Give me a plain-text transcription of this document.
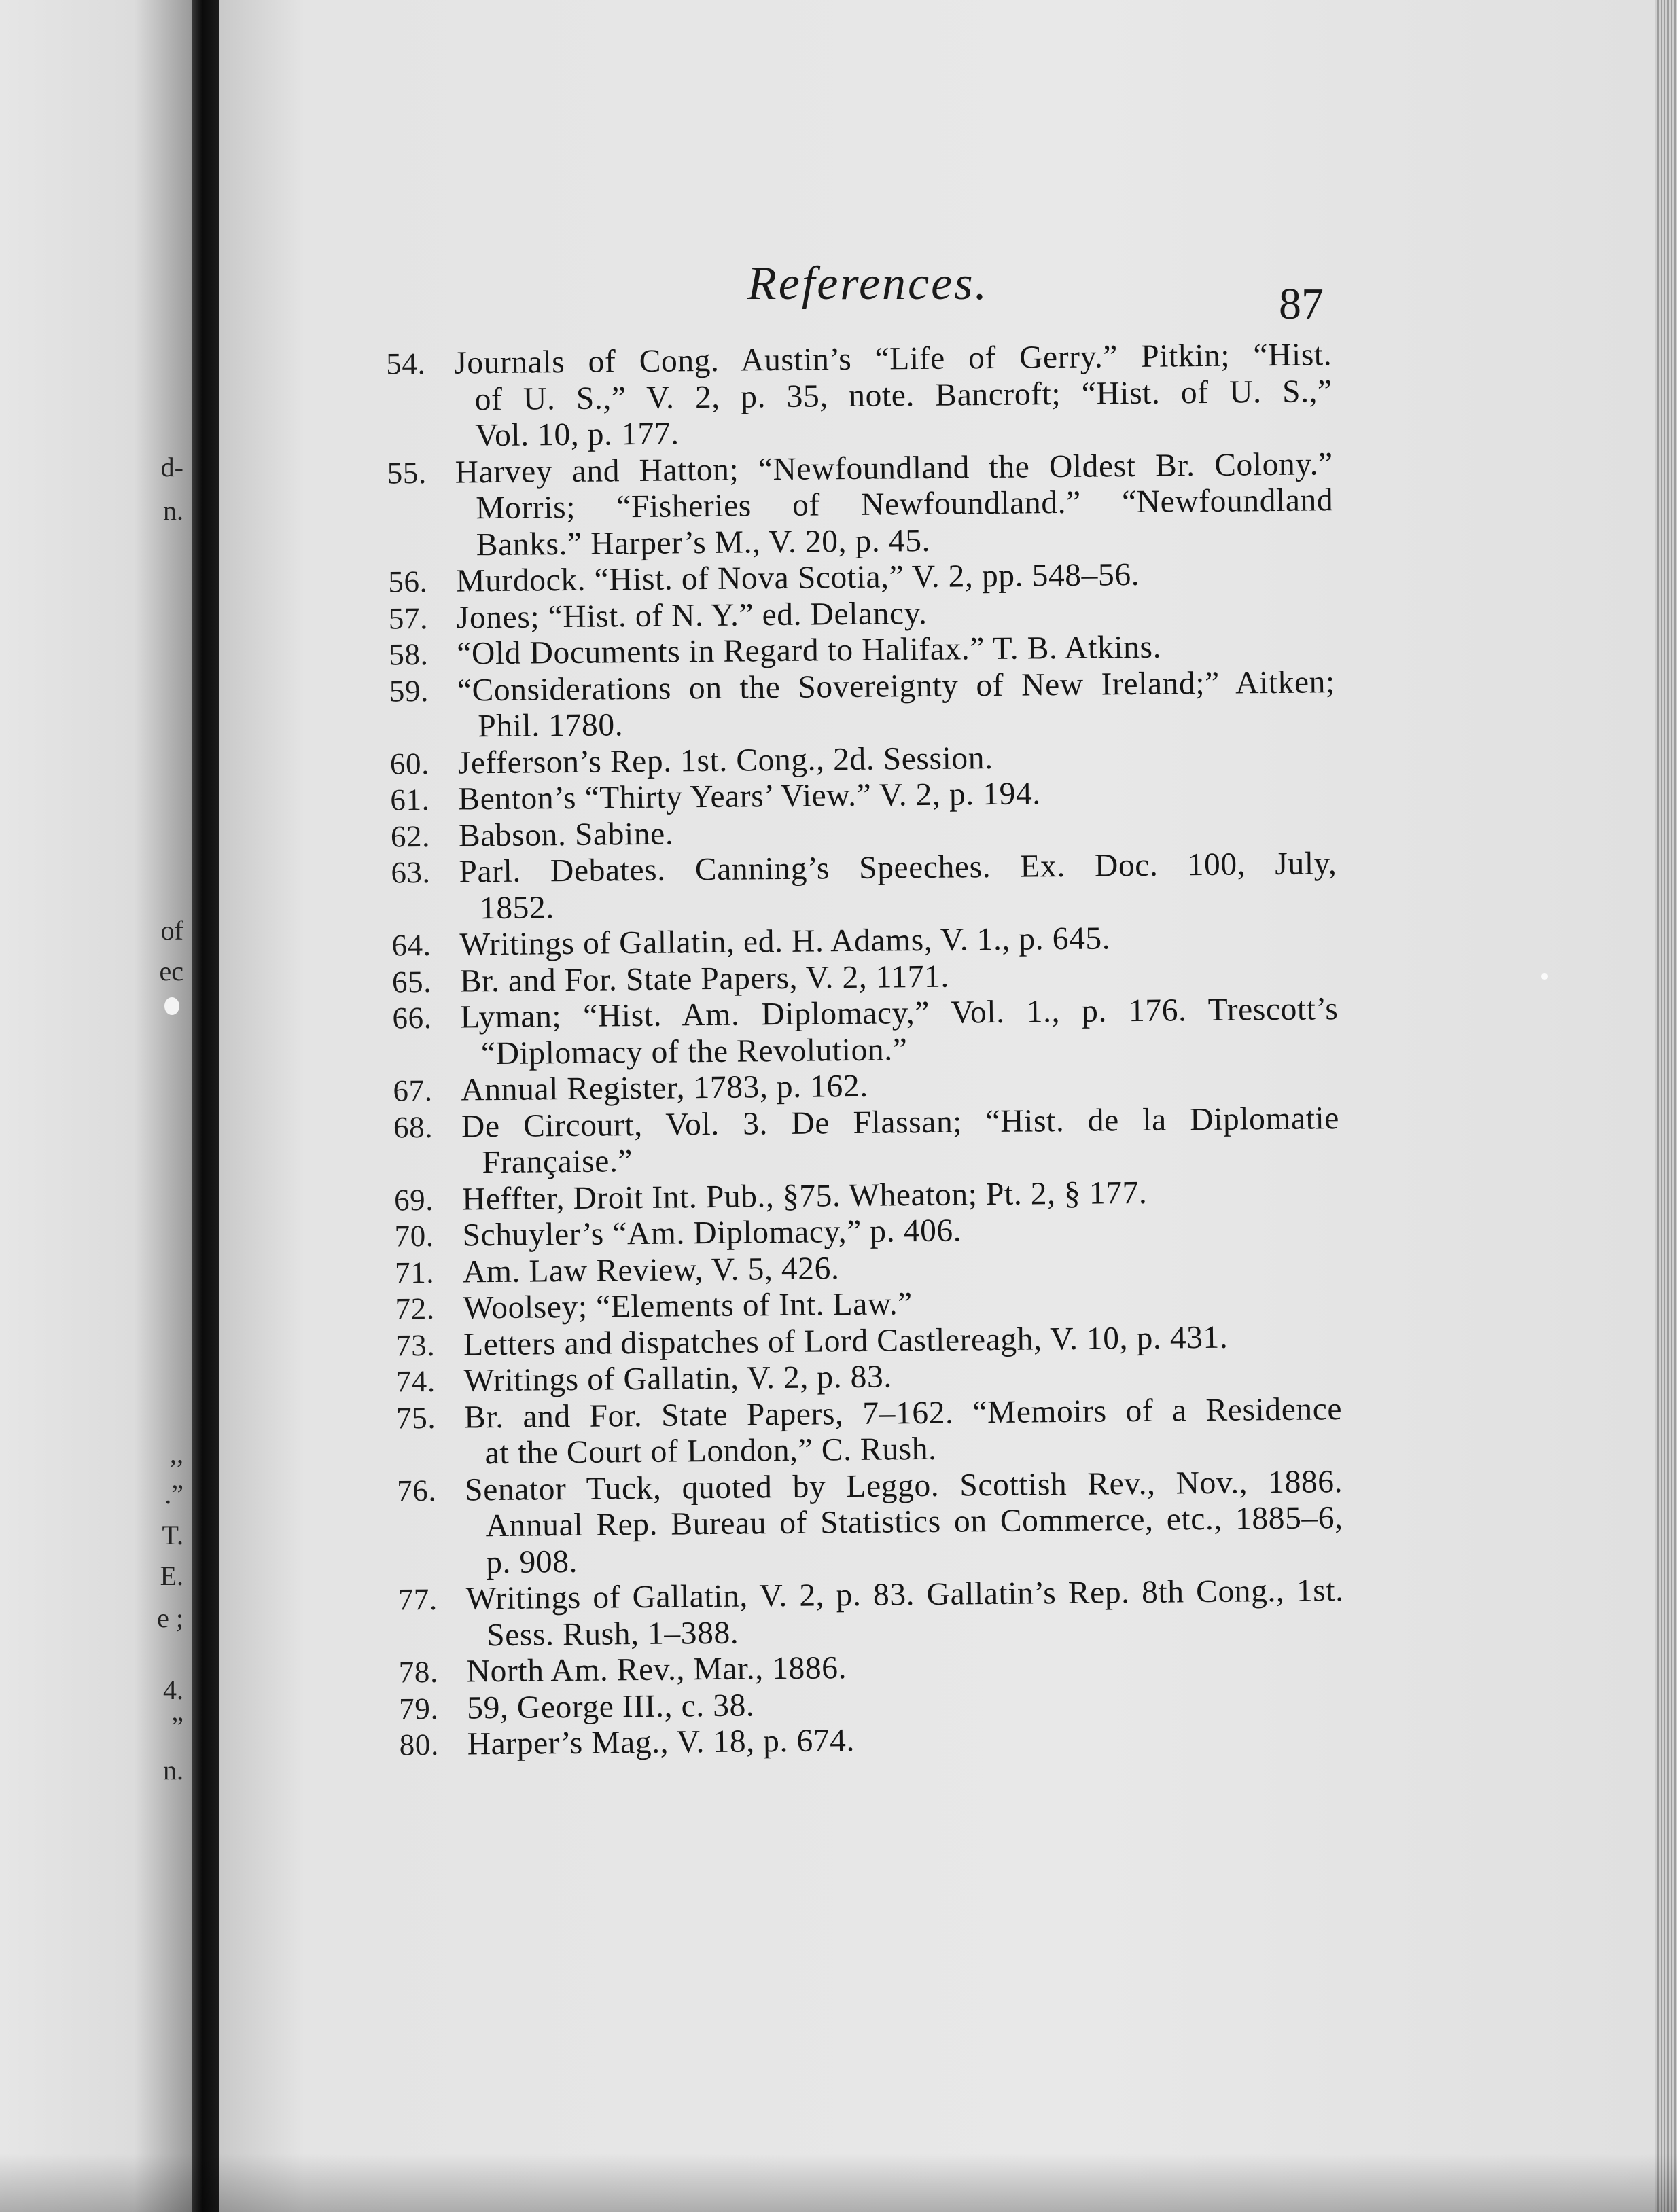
d-
n.
of
ec
,,
.”
T.
E.
e ;
4.
”
n.
References.	87
54. Journals of Cong. Austin’s “Life of Gerry.” Pitkin; “Hist.
of U. S.,” V. 2, p. 35, note. Bancroft; “Hist. of U. S.,”
Vol. 10, p. 177.
55. Harvey and Hatton; “Newfoundland the Oldest Br. Colony.”
Morris; “Fisheries of Newfoundland.” “Newfoundland
Banks.” Harper’s M., V. 20, p. 45.
56. Murdock. “Hist. of Nova Scotia,” V. 2, pp. 548–56.
57. Jones; “Hist. of N. Y.” ed. Delancy.
58. “Old Documents in Regard to Halifax.” T. B. Atkins.
59. “Considerations on the Sovereignty of New Ireland;” Aitken;
Phil. 1780.
60. Jefferson’s Rep. 1st. Cong., 2d. Session.
61. Benton’s “Thirty Years’ View.” V. 2, p. 194.
62. Babson. Sabine.
63. Parl. Debates. Canning’s Speeches. Ex. Doc. 100, July,
1852.
64. Writings of Gallatin, ed. H. Adams, V. 1., p. 645.
65. Br. and For. State Papers, V. 2, 1171.
66. Lyman; “Hist. Am. Diplomacy,” Vol. 1., p. 176. Trescott’s
“Diplomacy of the Revolution.”
67. Annual Register, 1783, p. 162.
68. De Circourt, Vol. 3. De Flassan; “Hist. de la Diplomatie
Française.”
69. Heffter, Droit Int. Pub., §75. Wheaton; Pt. 2, § 177.
70. Schuyler’s “Am. Diplomacy,” p. 406.
71. Am. Law Review, V. 5, 426.
72. Woolsey; “Elements of Int. Law.”
73. Letters and dispatches of Lord Castlereagh, V. 10, p. 431.
74. Writings of Gallatin, V. 2, p. 83.
75. Br. and For. State Papers, 7–162. “Memoirs of a Residence
at the Court of London,” C. Rush.
76. Senator Tuck, quoted by Leggo. Scottish Rev., Nov., 1886.
Annual Rep. Bureau of Statistics on Commerce, etc., 1885–6,
p. 908.
77. Writings of Gallatin, V. 2, p. 83. Gallatin’s Rep. 8th Cong., 1st.
Sess. Rush, 1–388.
78. North Am. Rev., Mar., 1886.
79. 59, George III., c. 38.
80. Harper’s Mag., V. 18, p. 674.
